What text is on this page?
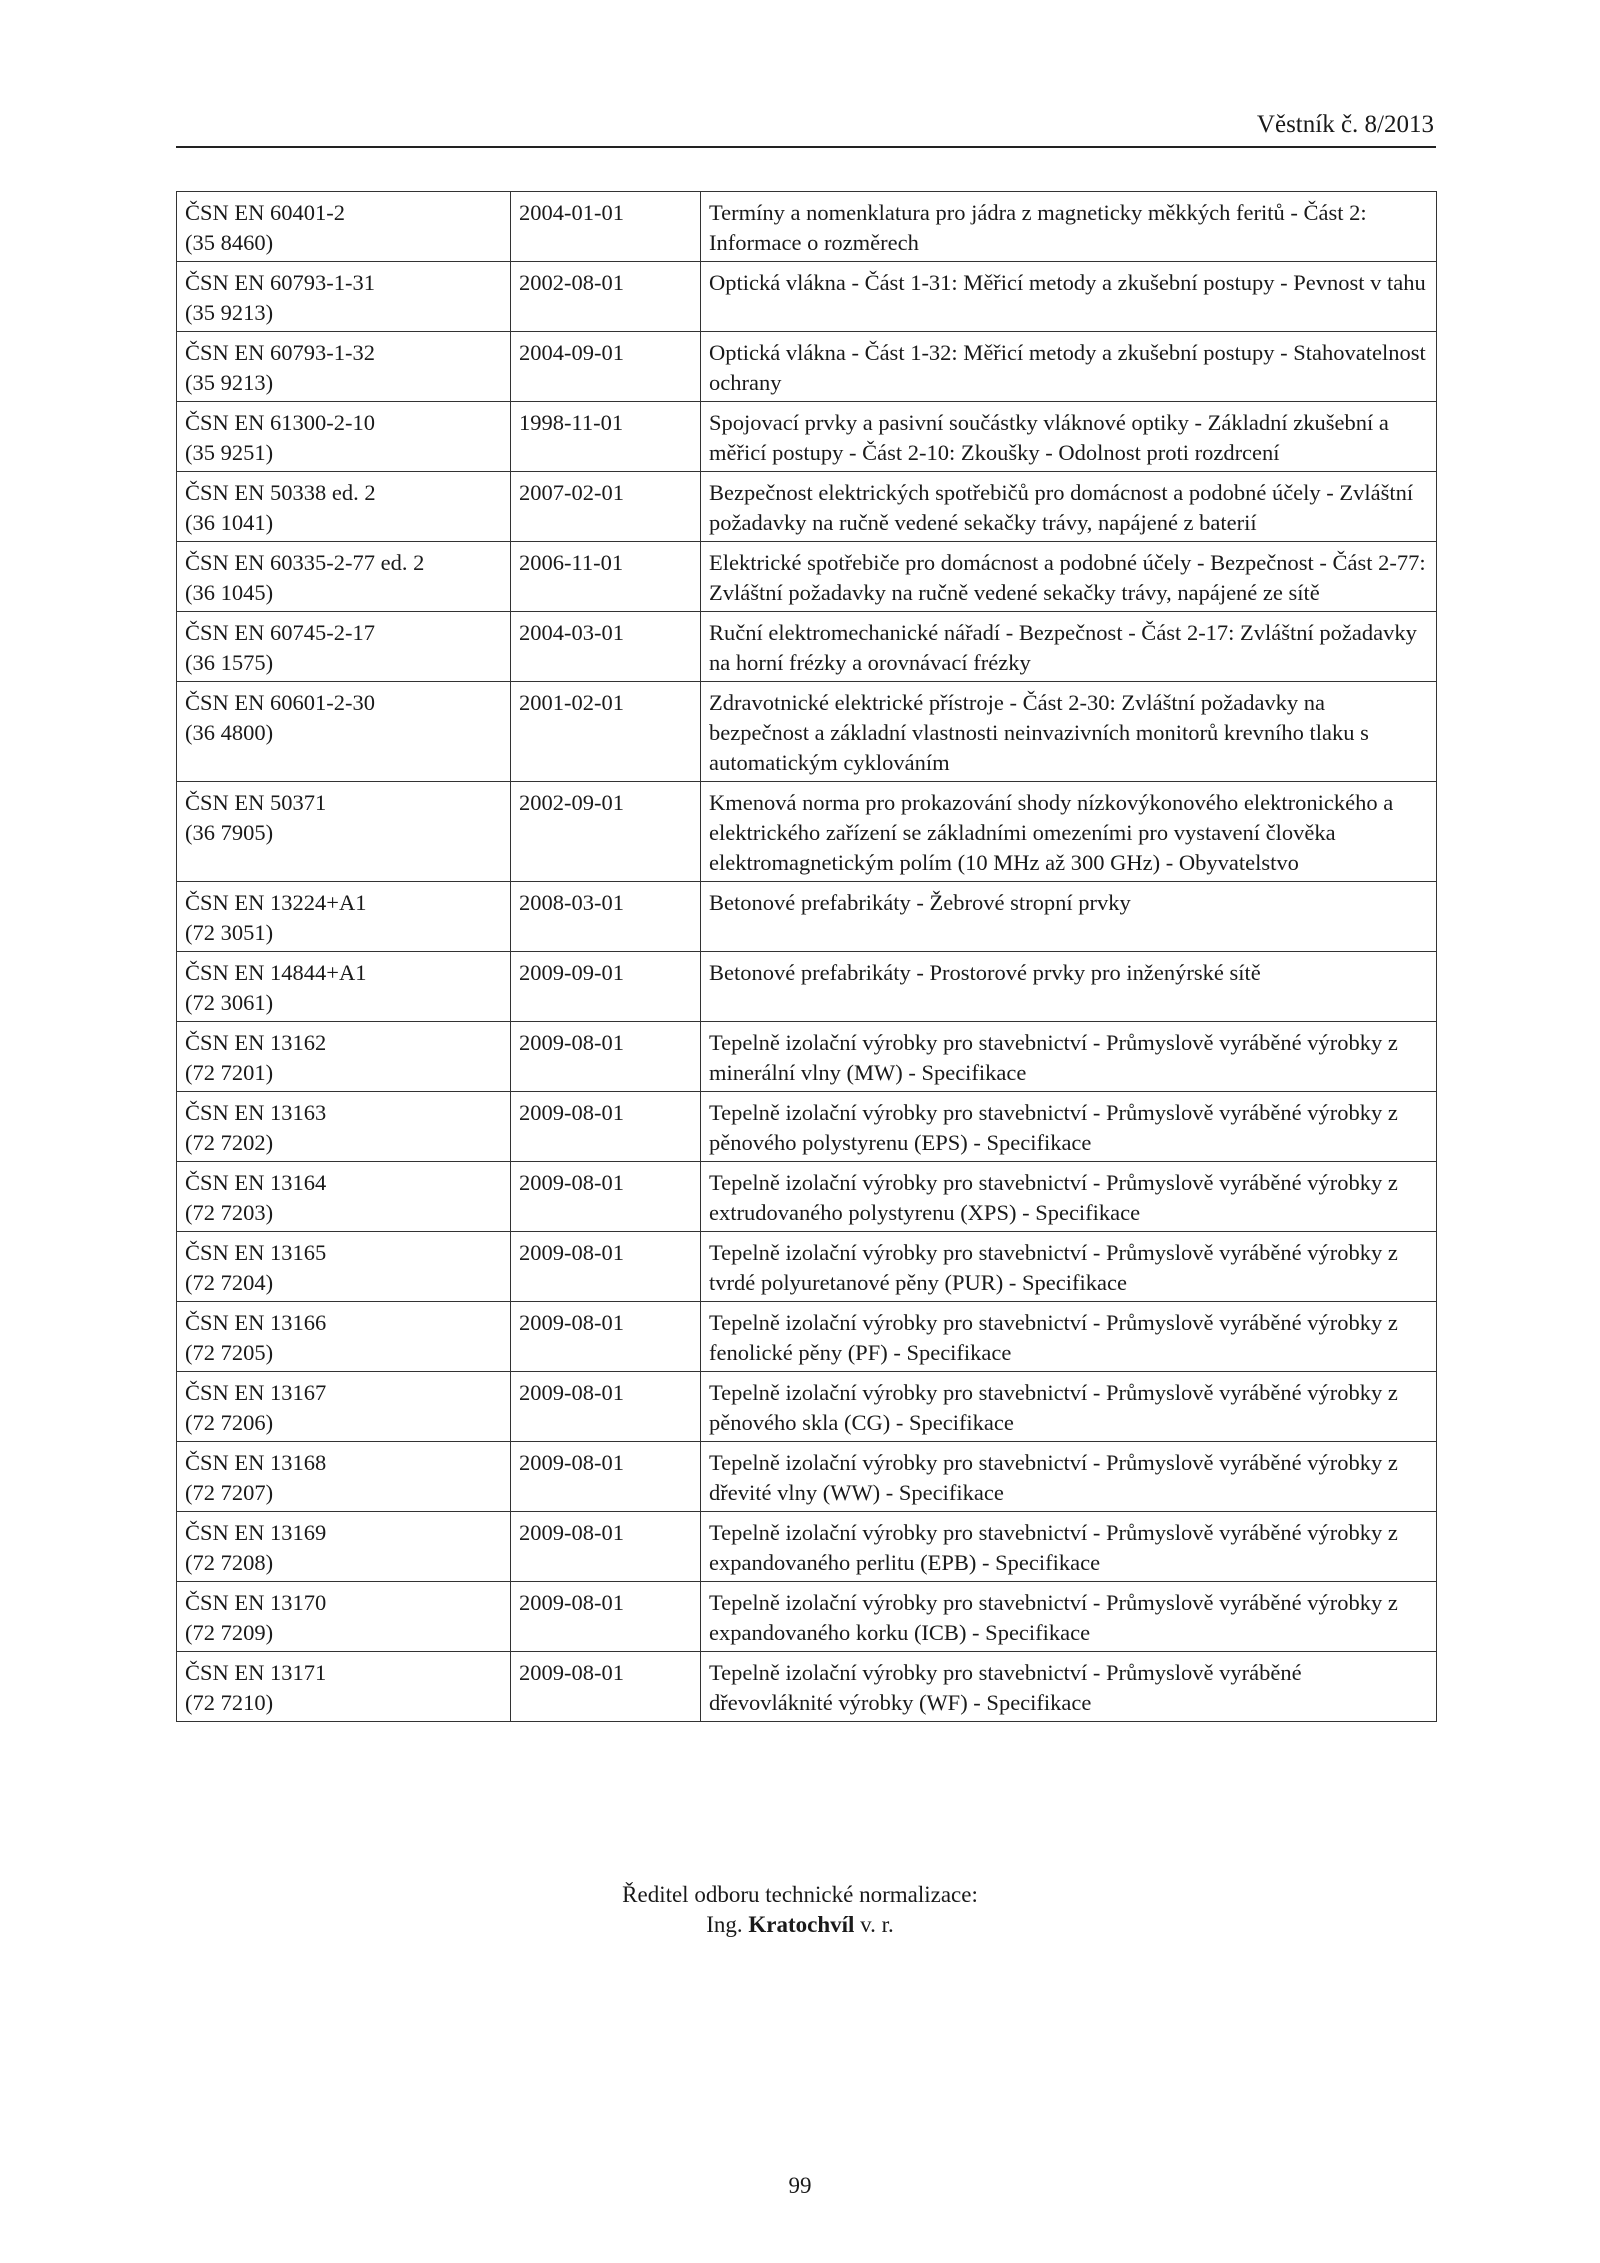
Věstník č. 8/2013
ČSN EN 60401-2
(35 8460)	2004-01-01	Termíny a nomenklatura pro jádra z magneticky měkkých feritů - Část 2: Informace o rozměrech

ČSN EN 60793-1-31
(35 9213)	2002-08-01	Optická vlákna - Část 1-31: Měřicí metody a zkušební postupy - Pevnost v tahu

ČSN EN 60793-1-32
(35 9213)	2004-09-01	Optická vlákna - Část 1-32: Měřicí metody a zkušební postupy - Stahovatelnost ochrany

ČSN EN 61300-2-10
(35 9251)	1998-11-01	Spojovací prvky a pasivní součástky vláknové optiky - Základní zkušební a měřicí postupy - Část 2-10: Zkoušky - Odolnost proti rozdrcení

ČSN EN 50338 ed. 2
(36 1041)	2007-02-01	Bezpečnost elektrických spotřebičů pro domácnost a podobné účely - Zvláštní požadavky na ručně vedené sekačky trávy, napájené z baterií

ČSN EN 60335-2-77 ed. 2
(36 1045)	2006-11-01	Elektrické spotřebiče pro domácnost a podobné účely - Bezpečnost - Část 2-77: Zvláštní požadavky na ručně vedené sekačky trávy, napájené ze sítě

ČSN EN 60745-2-17
(36 1575)	2004-03-01	Ruční elektromechanické nářadí - Bezpečnost - Část 2-17: Zvláštní požadavky na horní frézky a orovnávací frézky

ČSN EN 60601-2-30
(36 4800)	2001-02-01	Zdravotnické elektrické přístroje - Část 2-30: Zvláštní požadavky na bezpečnost a základní vlastnosti neinvazivních monitorů krevního tlaku s automatickým cyklováním

ČSN EN 50371
(36 7905)	2002-09-01	Kmenová norma pro prokazování shody nízkovýkonového elektronického a elektrického zařízení se základními omezeními pro vystavení člověka elektromagnetickým polím (10 MHz až 300 GHz) - Obyvatelstvo

ČSN EN 13224+A1
(72 3051)	2008-03-01	Betonové prefabrikáty - Žebrové stropní prvky

ČSN EN 14844+A1
(72 3061)	2009-09-01	Betonové prefabrikáty - Prostorové prvky pro inženýrské sítě

ČSN EN 13162
(72 7201)	2009-08-01	Tepelně izolační výrobky pro stavebnictví - Průmyslově vyráběné výrobky z minerální vlny (MW) - Specifikace

ČSN EN 13163
(72 7202)	2009-08-01	Tepelně izolační výrobky pro stavebnictví - Průmyslově vyráběné výrobky z pěnového polystyrenu (EPS) - Specifikace

ČSN EN 13164
(72 7203)	2009-08-01	Tepelně izolační výrobky pro stavebnictví - Průmyslově vyráběné výrobky z extrudovaného polystyrenu (XPS) - Specifikace

ČSN EN 13165
(72 7204)	2009-08-01	Tepelně izolační výrobky pro stavebnictví - Průmyslově vyráběné výrobky z tvrdé polyuretanové pěny (PUR) - Specifikace

ČSN EN 13166
(72 7205)	2009-08-01	Tepelně izolační výrobky pro stavebnictví - Průmyslově vyráběné výrobky z fenolické pěny (PF) - Specifikace

ČSN EN 13167
(72 7206)	2009-08-01	Tepelně izolační výrobky pro stavebnictví - Průmyslově vyráběné výrobky z pěnového skla (CG) - Specifikace

ČSN EN 13168
(72 7207)	2009-08-01	Tepelně izolační výrobky pro stavebnictví - Průmyslově vyráběné výrobky z dřevité vlny (WW) - Specifikace

ČSN EN 13169
(72 7208)	2009-08-01	Tepelně izolační výrobky pro stavebnictví - Průmyslově vyráběné výrobky z expandovaného perlitu (EPB) - Specifikace

ČSN EN 13170
(72 7209)	2009-08-01	Tepelně izolační výrobky pro stavebnictví - Průmyslově vyráběné výrobky z expandovaného korku (ICB) - Specifikace

ČSN EN 13171
(72 7210)	2009-08-01	Tepelně izolační výrobky pro stavebnictví - Průmyslově vyráběné dřevovláknité výrobky (WF) - Specifikace
Ředitel odboru technické normalizace:
Ing. Kratochvíl v. r.
99
